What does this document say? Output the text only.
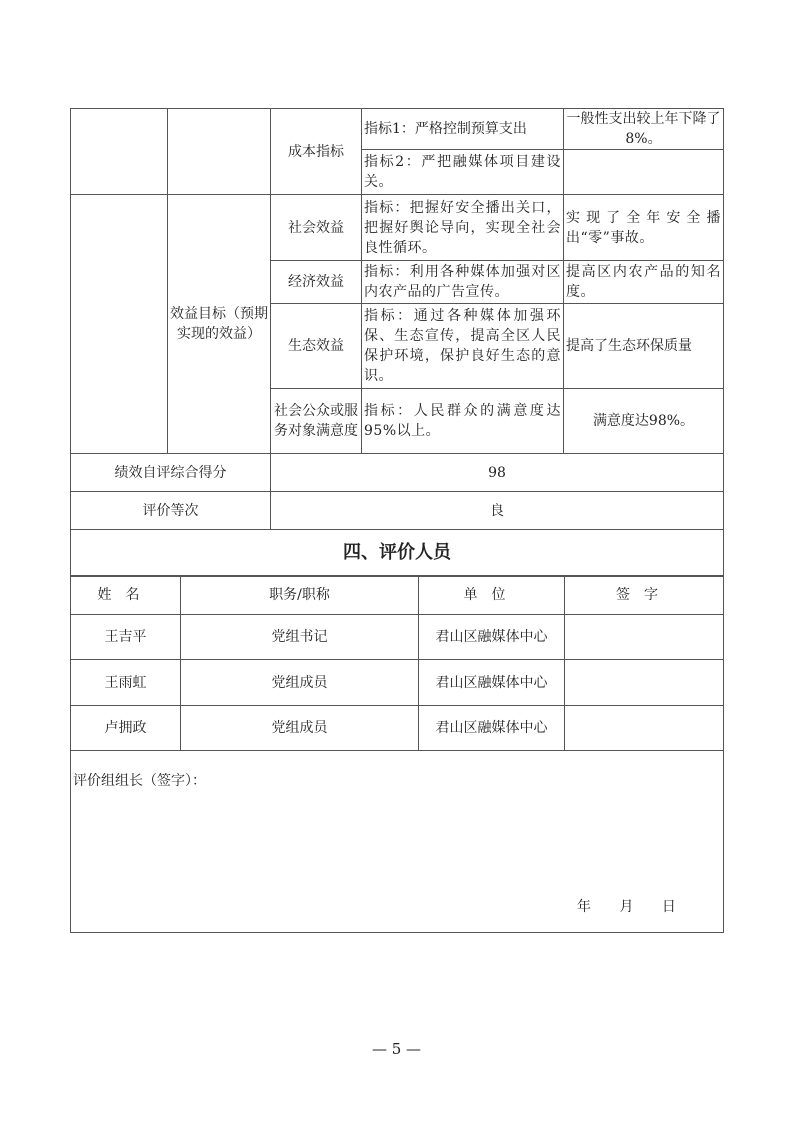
		成本指标	指标1：严格控制预算支出	一般性支出较上年下降了8%。
			指标2：严把融媒体项目建设关。	
	效益目标（预期实现的效益）	社会效益	指标：把握好安全播出关口，把握好舆论导向，实现全社会良性循环。	实现了全年安全播出“零”事故。
		经济效益	指标：利用各种媒体加强对区内农产品的广告宣传。	提高区内农产品的知名度。
		生态效益	指标：通过各种媒体加强环保、生态宣传，提高全区人民保护环境，保护良好生态的意识。	提高了生态环保质量
		社会公众或服务对象满意度	指标：人民群众的满意度达95%以上。	满意度达98%。
绩效自评综合得分		98		
评价等次		良		
四、评价人员				
姓名	职务/职称	单位	签字
王吉平	党组书记	君山区融媒体中心	
王雨虹	党组成员	君山区融媒体中心	
卢拥政	党组成员	君山区融媒体中心	

评价组组长（签字）：
年 月 日			
— 5 —
